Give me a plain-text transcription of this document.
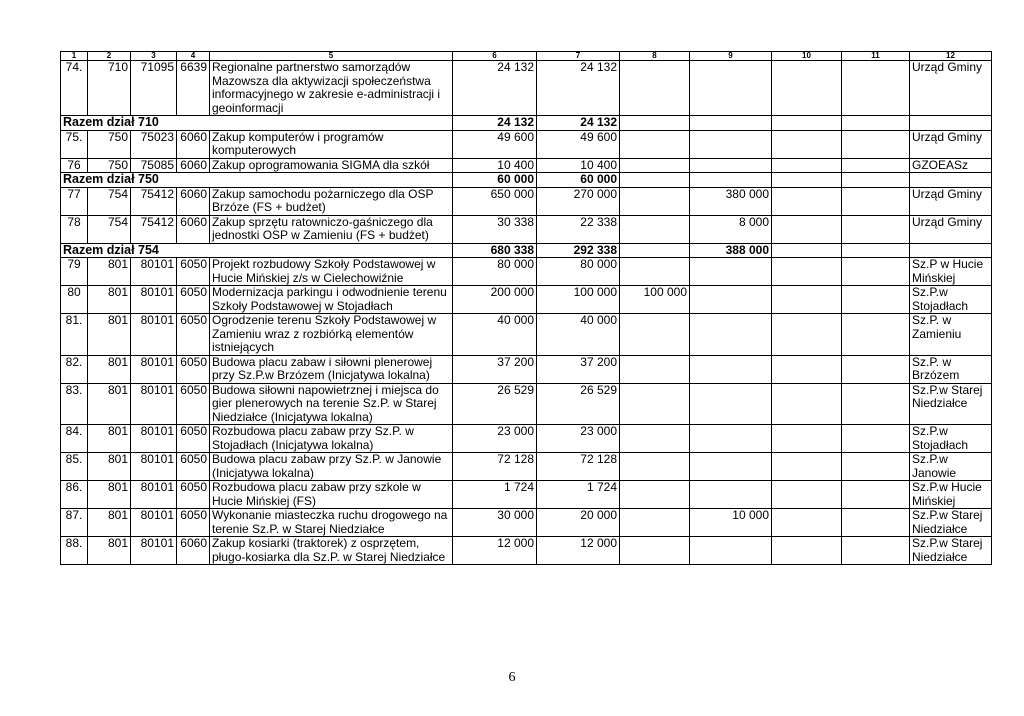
1	2	3	4	5	6	7	8	9	10	11	12
74.	710	71095	6639	Regionalne partnerstwo samorządów Mazowsza dla aktywizacji społeczeństwa informacyjnego w zakresie e-administracji i geoinformacji	24 132	24 132					Urząd Gminy
Razem dział 710					24 132	24 132					
75.	750	75023	6060	Zakup komputerów i programów komputerowych	49 600	49 600					Urząd Gminy
76	750	75085	6060	Zakup oprogramowania SIGMA dla szkół	10 400	10 400					GZOEASz
Razem dział 750					60 000	60 000					
77	754	75412	6060	Zakup samochodu pożarniczego dla OSP Brzóze (FS + budżet)	650 000	270 000		380 000			Urząd Gminy
78	754	75412	6060	Zakup sprzętu ratowniczo-gaśniczego dla jednostki OSP w Zamieniu (FS + budżet)	30 338	22 338		8 000			Urząd Gminy
Razem dział 754					680 338	292 338		388 000			
79	801	80101	6050	Projekt rozbudowy Szkoły Podstawowej w Hucie Mińskiej z/s w Cielechowiźnie	80 000	80 000					Sz.P w Hucie Mińskiej
80	801	80101	6050	Modernizacja parkingu i odwodnienie terenu Szkoły Podstawowej w Stojadłach	200 000	100 000	100 000				Sz.P.w Stojadłach
81.	801	80101	6050	Ogrodzenie terenu Szkoły Podstawowej w Zamieniu wraz z rozbiórką elementów istniejących	40 000	40 000					Sz.P. w Zamieniu
82.	801	80101	6050	Budowa placu zabaw i siłowni plenerowej przy Sz.P.w Brzózem (Inicjatywa lokalna)	37 200	37 200					Sz.P. w Brzózem
83.	801	80101	6050	Budowa siłowni napowietrznej i miejsca do gier plenerowych na terenie Sz.P. w Starej Niedziałce (Inicjatywa lokalna)	26 529	26 529					Sz.P.w Starej Niedziałce
84.	801	80101	6050	Rozbudowa placu zabaw przy Sz.P. w Stojadłach (Inicjatywa lokalna)	23 000	23 000					Sz.P.w Stojadłach
85.	801	80101	6050	Budowa placu zabaw przy Sz.P. w Janowie (Inicjatywa lokalna)	72 128	72 128					Sz.P.w Janowie
86.	801	80101	6050	Rozbudowa placu zabaw przy szkole w Hucie Mińskiej (FS)	1 724	1 724					Sz.P.w Hucie Mińskiej
87.	801	80101	6050	Wykonanie miasteczka ruchu drogowego na terenie Sz.P. w Starej Niedziałce	30 000	20 000		10 000			Sz.P.w Starej Niedziałce
88.	801	80101	6060	Zakup kosiarki (traktorek) z osprzętem, pługo-kosiarka dla Sz.P. w Starej Niedziałce	12 000	12 000					Sz.P.w Starej Niedziałce
6
